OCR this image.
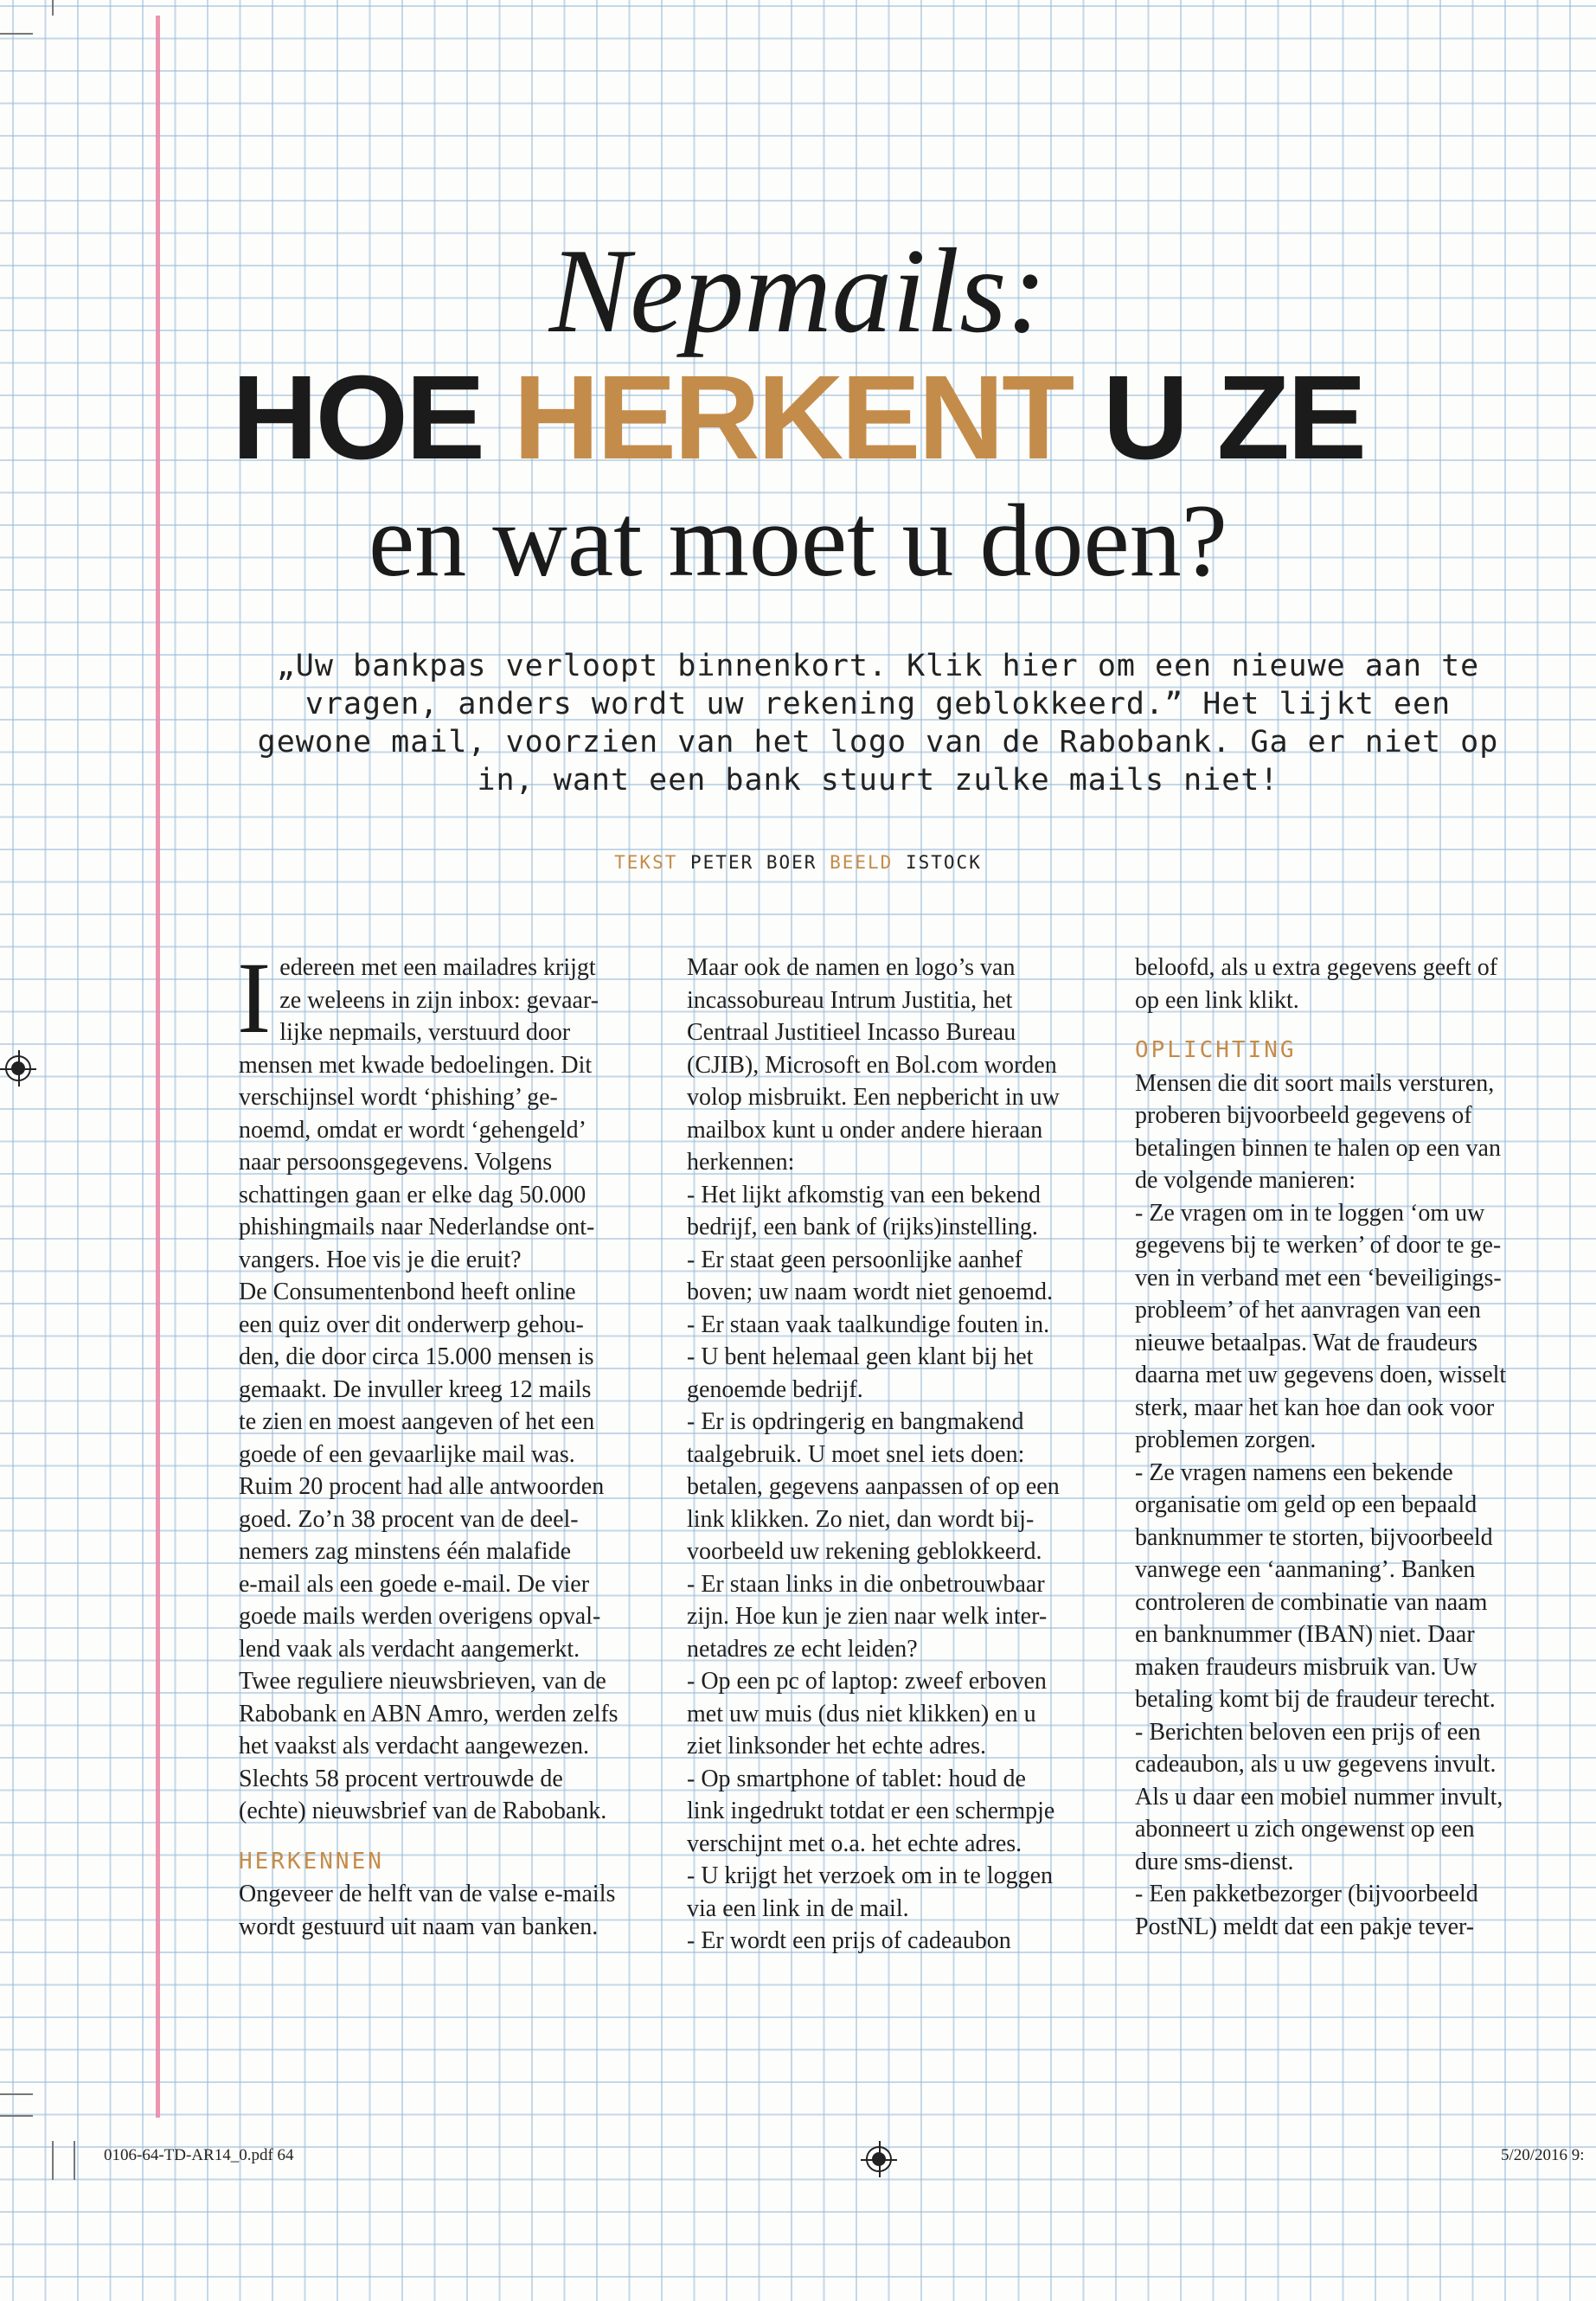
Nepmails:
HOE HERKENT U ZE
en wat moet u doen?
„Uw bankpas verloopt binnenkort. Klik hier om een nieuwe aan te
vragen, anders wordt uw rekening geblokkeerd.” Het lijkt een
gewone mail, voorzien van het logo van de Rabobank. Ga er niet op
in, want een bank stuurt zulke mails niet!
TEKST PETER BOER BEELD ISTOCK
I edereen met een mailadres krijgt

ze weleens in zijn inbox: gevaar-

lijke nepmails, verstuurd door

mensen met kwade bedoelingen. Dit

verschijnsel wordt ‘phishing’ ge-

noemd, omdat er wordt ‘gehengeld’

naar persoonsgegevens. Volgens

schattingen gaan er elke dag 50.000

phishingmails naar Nederlandse ont-

vangers. Hoe vis je die eruit?

De Consumentenbond heeft online

een quiz over dit onderwerp gehou-

den, die door circa 15.000 mensen is

gemaakt. De invuller kreeg 12 mails

te zien en moest aangeven of het een

goede of een gevaarlijke mail was.

Ruim 20 procent had alle antwoorden

goed. Zo’n 38 procent van de deel-

nemers zag minstens één malafide

e-mail als een goede e-mail. De vier

goede mails werden overigens opval-

lend vaak als verdacht aangemerkt.

Twee reguliere nieuwsbrieven, van de

Rabobank en ABN Amro, werden zelfs

het vaakst als verdacht aangewezen.

Slechts 58 procent vertrouwde de

(echte) nieuwsbrief van de Rabobank.

HERKENNEN

Ongeveer de helft van de valse e-mails

wordt gestuurd uit naam van banken.

Maar ook de namen en logo’s van

incassobureau Intrum Justitia, het

Centraal Justitieel Incasso Bureau

(CJIB), Microsoft en Bol.com worden

volop misbruikt. Een nepbericht in uw

mailbox kunt u onder andere hieraan

herkennen:

- Het lijkt afkomstig van een bekend

bedrijf, een bank of (rijks)instelling.

- Er staat geen persoonlijke aanhef

boven; uw naam wordt niet genoemd.

- Er staan vaak taalkundige fouten in.

- U bent helemaal geen klant bij het

genoemde bedrijf.

- Er is opdringerig en bangmakend

taalgebruik. U moet snel iets doen:

betalen, gegevens aanpassen of op een

link klikken. Zo niet, dan wordt bij-

voorbeeld uw rekening geblokkeerd.

- Er staan links in die onbetrouwbaar

zijn. Hoe kun je zien naar welk inter-

netadres ze echt leiden?

- Op een pc of laptop: zweef erboven

met uw muis (dus niet klikken) en u

ziet linksonder het echte adres.

- Op smartphone of tablet: houd de

link ingedrukt totdat er een schermpje

verschijnt met o.a. het echte adres.

- U krijgt het verzoek om in te loggen

via een link in de mail.

- Er wordt een prijs of cadeaubon

beloofd, als u extra gegevens geeft of

op een link klikt.

OPLICHTING

Mensen die dit soort mails versturen,

proberen bijvoorbeeld gegevens of

betalingen binnen te halen op een van

de volgende manieren:

- Ze vragen om in te loggen ‘om uw

gegevens bij te werken’ of door te ge-

ven in verband met een ‘beveiligings-

probleem’ of het aanvragen van een

nieuwe betaalpas. Wat de fraudeurs

daarna met uw gegevens doen, wisselt

sterk, maar het kan hoe dan ook voor

problemen zorgen.

- Ze vragen namens een bekende

organisatie om geld op een bepaald

banknummer te storten, bijvoorbeeld

vanwege een ‘aanmaning’. Banken

controleren de combinatie van naam

en banknummer (IBAN) niet. Daar

maken fraudeurs misbruik van. Uw

betaling komt bij de fraudeur terecht.

- Berichten beloven een prijs of een

cadeaubon, als u uw gegevens invult.

Als u daar een mobiel nummer invult,

abonneert u zich ongewenst op een

dure sms-dienst.

- Een pakketbezorger (bijvoorbeeld

PostNL) meldt dat een pakje tever-

0106-64-TD-AR14_0.pdf 64	5/20/2016 9:
